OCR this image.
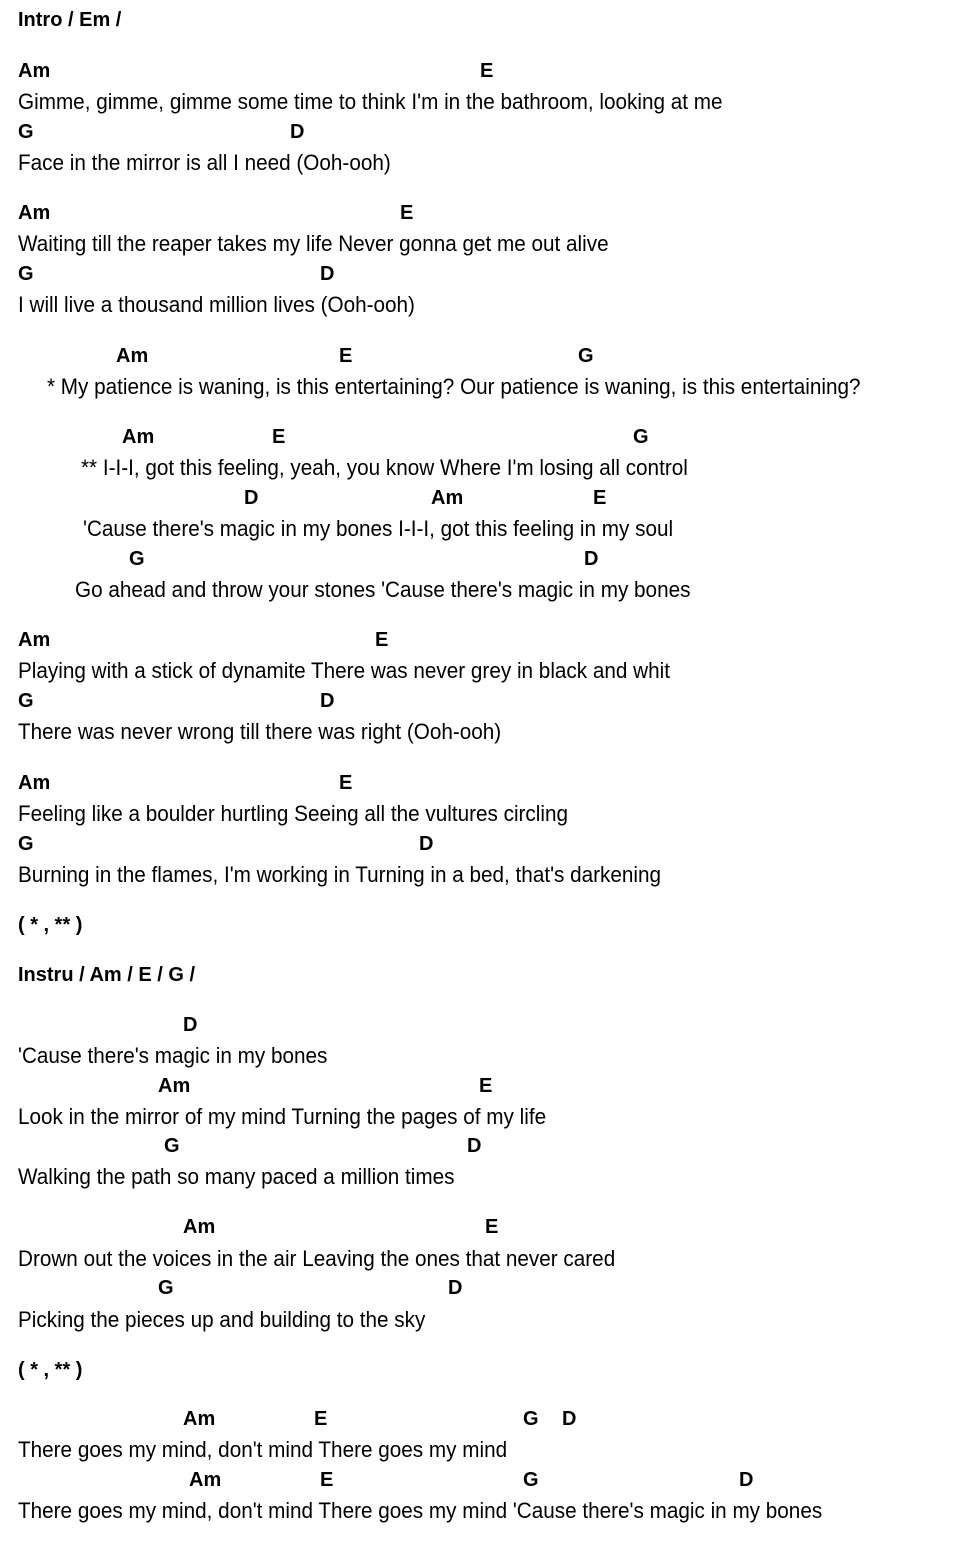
Intro / Em /
Am	E
Gimme, gimme, gimme some time to think I'm in the bathroom, looking at me
G	D
Face in the mirror is all I need (Ooh-ooh)
Am	E
Waiting till the reaper takes my life Never gonna get me out alive
G	D
I will live a thousand million lives (Ooh-ooh)
Am	E	G
* My patience is waning, is this entertaining? Our patience is waning, is this entertaining?
Am	E	G
** I-I-I, got this feeling, yeah, you know Where I'm losing all control
D	Am	E
'Cause there's magic in my bones I-I-I, got this feeling in my soul
G	D
Go ahead and throw your stones 'Cause there's magic in my bones
Am	E
Playing with a stick of dynamite There was never grey in black and whit
G	D
There was never wrong till there was right (Ooh-ooh)
Am	E
Feeling like a boulder hurtling Seeing all the vultures circling
G	D
Burning in the flames, I'm working in Turning in a bed, that's darkening
( * , ** )
Instru / Am / E / G /
D
'Cause there's magic in my bones
Am	E
Look in the mirror of my mind Turning the pages of my life
G	D
Walking the path so many paced a million times
Am	E
Drown out the voices in the air Leaving the ones that never cared
G	D
Picking the pieces up and building to the sky
( * , ** )
Am	E	G D
There goes my mind, don't mind There goes my mind
Am	E	G	D
There goes my mind, don't mind There goes my mind 'Cause there's magic in my bones
